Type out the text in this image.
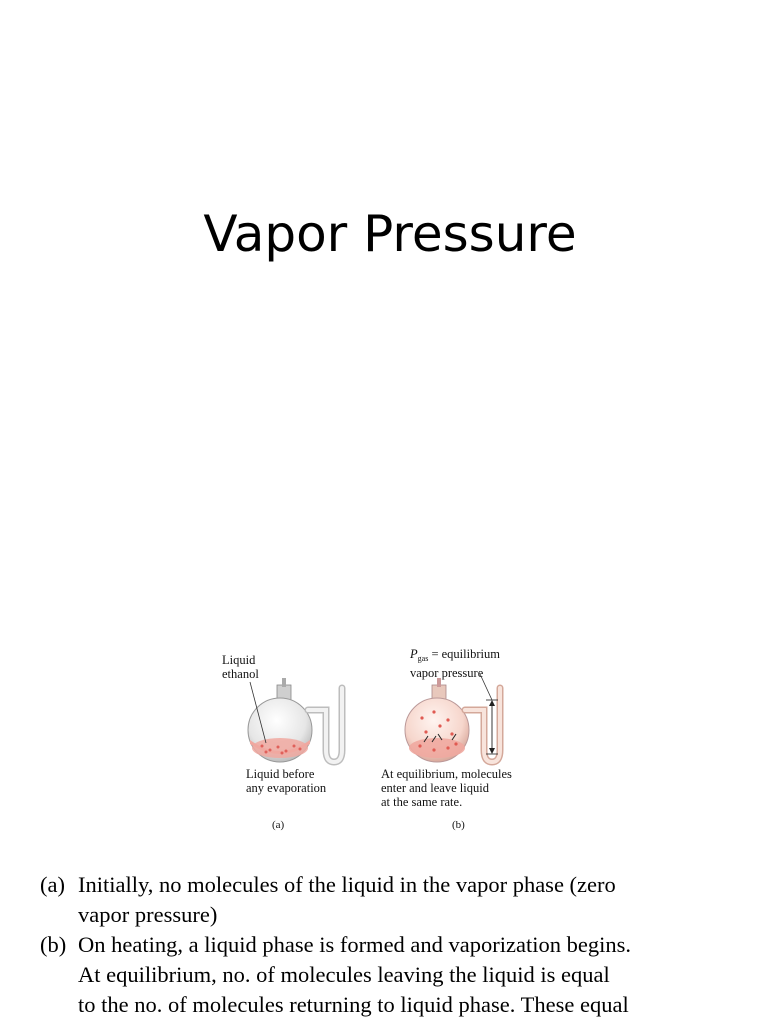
Vapor Pressure
Liquid
ethanol
Liquid before
any evaporation
(a)
$P_{gas}$ = equilibrium
vapor pressure
At equilibrium, molecules
enter and leave liquid
at the same rate.
(b)
(a) Initially, no molecules of the liquid in the vapor phase (zero
vapor pressure)
(b) On heating, a liquid phase is formed and vaporization begins.
At equilibrium, no. of molecules leaving the liquid is equal
to the no. of molecules returning to liquid phase. These equal
